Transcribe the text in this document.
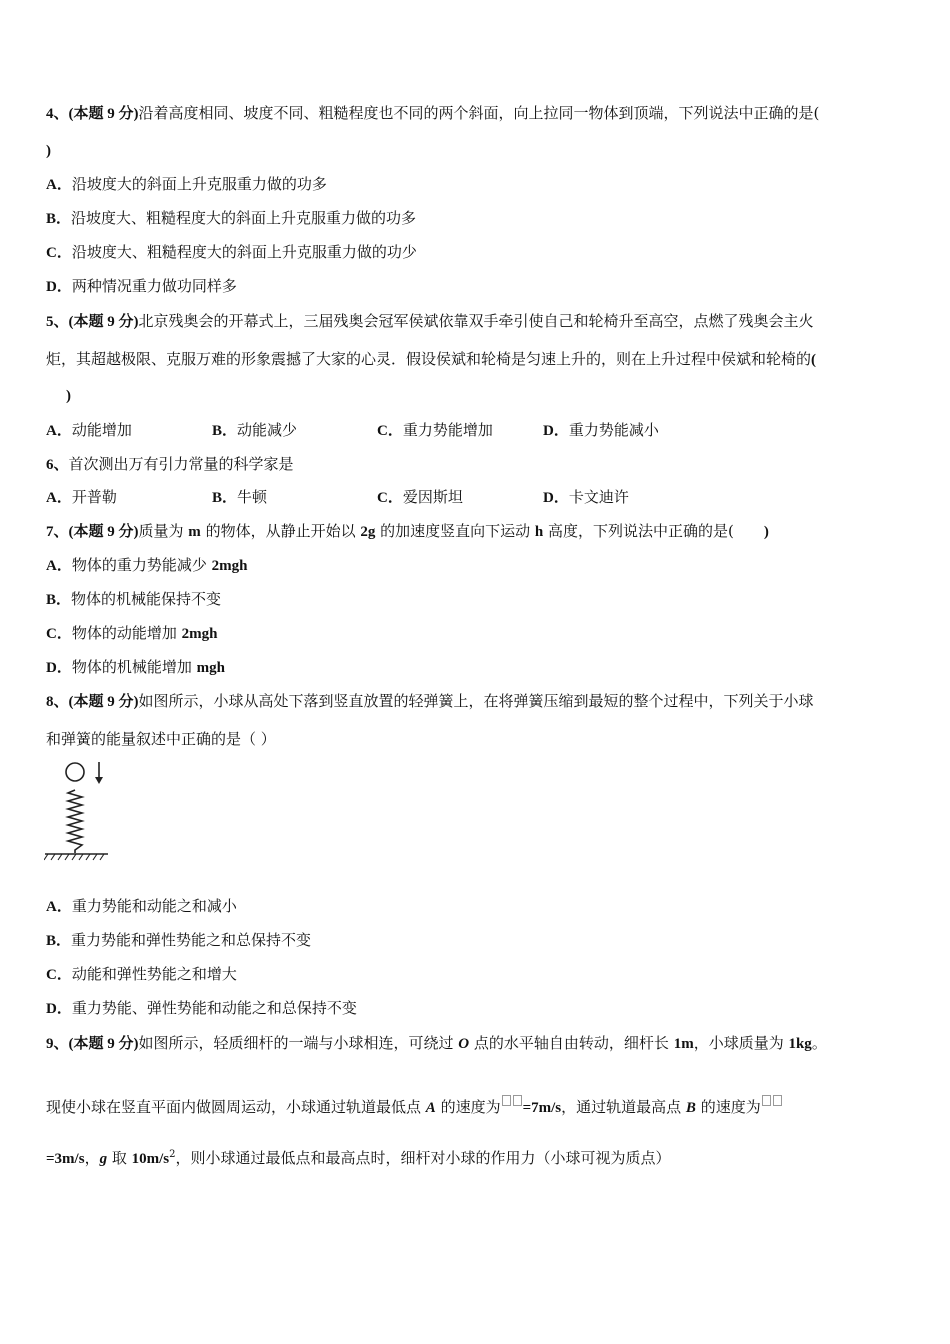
4、(本题 9 分)沿着高度相同、坡度不同、粗糙程度也不同的两个斜面，向上拉同一物体到顶端，下列说法中正确的是(
)
A．沿坡度大的斜面上升克服重力做的功多
B．沿坡度大、粗糙程度大的斜面上升克服重力做的功多
C．沿坡度大、粗糙程度大的斜面上升克服重力做的功少
D．两种情况重力做功同样多
5、(本题 9 分)北京残奥会的开幕式上，三届残奥会冠军侯斌依靠双手牵引使自己和轮椅升至高空，点燃了残奥会主火
炬，其超越极限、克服万难的形象震撼了大家的心灵．假设侯斌和轮椅是匀速上升的，则在上升过程中侯斌和轮椅的(
)
A．动能增加	B．动能减少	C．重力势能增加	D．重力势能减小
6、首次测出万有引力常量的科学家是
A．开普勒	B．牛顿	C．爱因斯坦	D．卡文迪许
7、(本题 9 分)质量为 m 的物体，从静止开始以 2g 的加速度竖直向下运动 h 高度，下列说法中正确的是( )
A．物体的重力势能减少 2mgh
B．物体的机械能保持不变
C．物体的动能增加 2mgh
D．物体的机械能增加 mgh
8、(本题 9 分)如图所示，小球从高处下落到竖直放置的轻弹簧上，在将弹簧压缩到最短的整个过程中，下列关于小球
和弹簧的能量叙述中正确的是（ ）
A．重力势能和动能之和减小
B．重力势能和弹性势能之和总保持不变
C．动能和弹性势能之和增大
D．重力势能、弹性势能和动能之和总保持不变
9、(本题 9 分)如图所示，轻质细杆的一端与小球相连，可绕过 O 点的水平轴自由转动，细杆长 1m，小球质量为 1kg。
现使小球在竖直平面内做圆周运动，小球通过轨道最低点 A 的速度为 =7m/s，通过轨道最高点 B 的速度为
=3m/s，g 取 $10m/s^2$，则小球通过最低点和最高点时，细杆对小球的作用力（小球可视为质点）
